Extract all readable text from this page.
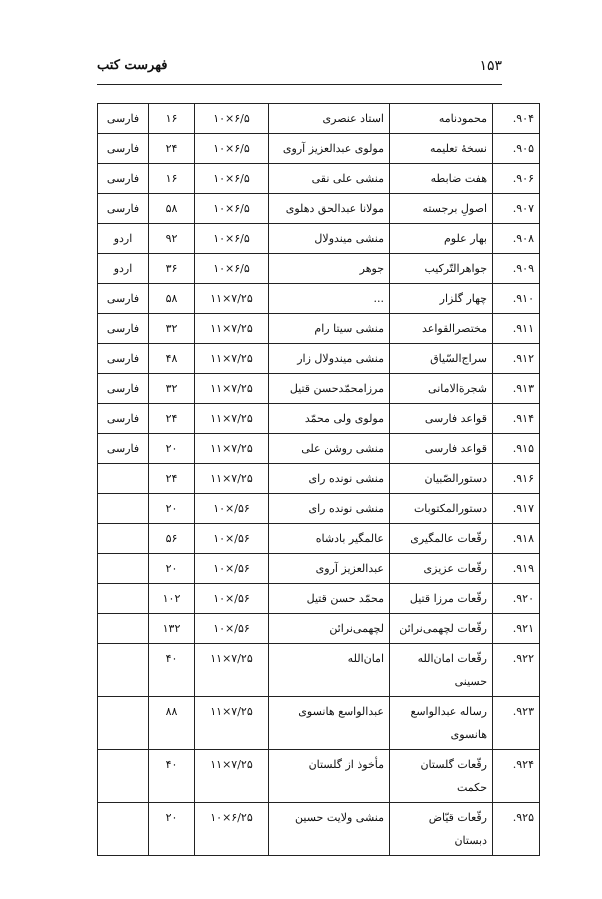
۱۵۳
فهرست کتب
۹۰۴.	محمودنامه	استاد عنصری	۱۰×۶/۵	۱۶	فارسی
۹۰۵.	نسخهٔ تعلیمه	مولوی عبدالعزیز آروی	۱۰×۶/۵	۲۴	فارسی
۹۰۶.	هفت ضابطه	منشی علی نقی	۱۰×۶/۵	۱۶	فارسی
۹۰۷.	اصولِ برجسته	مولانا عبدالحق دهلوی	۱۰×۶/۵	۵۸	فارسی
۹۰۸.	بهار علوم	منشی میندولال	۱۰×۶/۵	۹۲	اردو
۹۰۹.	جواهرالتّرکیب	جوهر	۱۰×۶/۵	۳۶	اردو
۹۱۰.	چهار گلزار	...	۱۱×۷/۲۵	۵۸	فارسی
۹۱۱.	مختصرالقواعد	منشی سیتا رام	۱۱×۷/۲۵	۳۲	فارسی
۹۱۲.	سراج‌السّیاق	منشی میندولال زار	۱۱×۷/۲۵	۴۸	فارسی
۹۱۳.	شجرةالامانی	مرزامحمّدحسن قتیل	۱۱×۷/۲۵	۳۲	فارسی
۹۱۴.	قواعد فارسی	مولوی ولی محمّد	۱۱×۷/۲۵	۲۴	فارسی
۹۱۵.	قواعد فارسی	منشی روشن علی	۱۱×۷/۲۵	۲۰	فارسی
۹۱۶.	دستورالصّبیان	منشی نونده رای	۱۱×۷/۲۵	۲۴	
۹۱۷.	دستورالمکتوبات	منشی نونده رای	۱۰×/۵۶	۲۰	
۹۱۸.	رقّعات عالمگیری	عالمگیر بادشاه	۱۰×/۵۶	۵۶	
۹۱۹.	رقّعات عزیزی	عبدالعزیز آروی	۱۰×/۵۶	۲۰	
۹۲۰.	رقّعات مرزا قتیل	محمّد حسن قتیل	۱۰×/۵۶	۱۰۲	
۹۲۱.	رقّعات لچهمی‌نرائن	لچهمی‌نرائن	۱۰×/۵۶	۱۳۲	
۹۲۲.	رقّعات امان‌الله حسینی	امان‌الله	۱۱×۷/۲۵	۴۰	
۹۲۳.	رساله عبدالواسع هانسوی	عبدالواسع هانسوی	۱۱×۷/۲۵	۸۸	
۹۲۴.	رقّعات گلستان حکمت	مأخوذ از گلستان	۱۱×۷/۲۵	۴۰	
۹۲۵.	رقّعات قیّاض دبستان	منشی ولایت حسین	۱۰×۶/۲۵	۲۰	
